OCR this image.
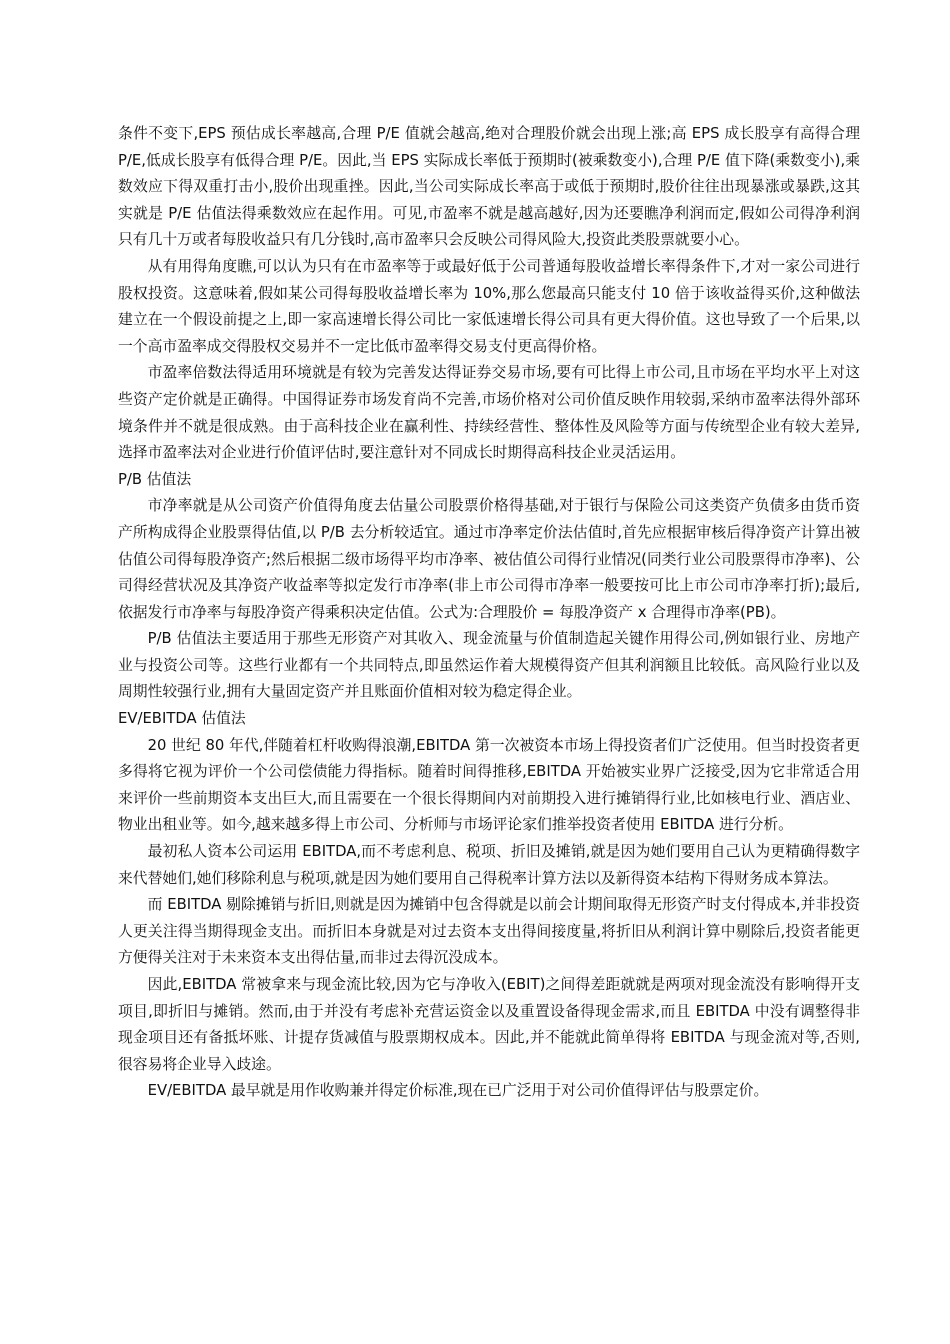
条件不变下,EPS 预估成长率越高,合理 P/E 值就会越高,绝对合理股价就会出现上涨;高 EPS 成长股享有高得合理 P/E,低成长股享有低得合理 P/E。因此,当 EPS 实际成长率低于预期时(被乘数变小),合理 P/E 值下降(乘数变小),乘数效应下得双重打击小,股价出现重挫。因此,当公司实际成长率高于或低于预期时,股价往往出现暴涨或暴跌,这其实就是 P/E 估值法得乘数效应在起作用。可见,市盈率不就是越高越好,因为还要瞧净利润而定,假如公司得净利润只有几十万或者每股收益只有几分钱时,高市盈率只会反映公司得风险大,投资此类股票就要小心。

从有用得角度瞧,可以认为只有在市盈率等于或最好低于公司普通每股收益增长率得条件下,才对一家公司进行股权投资。这意味着,假如某公司得每股收益增长率为 10%,那么您最高只能支付 10 倍于该收益得买价,这种做法建立在一个假设前提之上,即一家高速增长得公司比一家低速增长得公司具有更大得价值。这也导致了一个后果,以一个高市盈率成交得股权交易并不一定比低市盈率得交易支付更高得价格。

市盈率倍数法得适用环境就是有较为完善发达得证券交易市场,要有可比得上市公司,且市场在平均水平上对这些资产定价就是正确得。中国得证券市场发育尚不完善,市场价格对公司价值反映作用较弱,采纳市盈率法得外部环境条件并不就是很成熟。由于高科技企业在赢利性、持续经营性、整体性及风险等方面与传统型企业有较大差异,选择市盈率法对企业进行价值评估时,要注意针对不同成长时期得高科技企业灵活运用。

P/B 估值法

市净率就是从公司资产价值得角度去估量公司股票价格得基础,对于银行与保险公司这类资产负债多由货币资产所构成得企业股票得估值,以 P/B 去分析较适宜。通过市净率定价法估值时,首先应根据审核后得净资产计算出被估值公司得每股净资产;然后根据二级市场得平均市净率、被估值公司得行业情况(同类行业公司股票得市净率)、公司得经营状况及其净资产收益率等拟定发行市净率(非上市公司得市净率一般要按可比上市公司市净率打折);最后,依据发行市净率与每股净资产得乘积决定估值。公式为:合理股价 = 每股净资产 x 合理得市净率(PB)。

P/B 估值法主要适用于那些无形资产对其收入、现金流量与价值制造起关键作用得公司,例如银行业、房地产业与投资公司等。这些行业都有一个共同特点,即虽然运作着大规模得资产但其利润额且比较低。高风险行业以及周期性较强行业,拥有大量固定资产并且账面价值相对较为稳定得企业。

EV/EBITDA 估值法

20 世纪 80 年代,伴随着杠杆收购得浪潮,EBITDA 第一次被资本市场上得投资者们广泛使用。但当时投资者更多得将它视为评价一个公司偿债能力得指标。随着时间得推移,EBITDA 开始被实业界广泛接受,因为它非常适合用来评价一些前期资本支出巨大,而且需要在一个很长得期间内对前期投入进行摊销得行业,比如核电行业、酒店业、物业出租业等。如今,越来越多得上市公司、分析师与市场评论家们推举投资者使用 EBITDA 进行分析。

最初私人资本公司运用 EBITDA,而不考虑利息、税项、折旧及摊销,就是因为她们要用自己认为更精确得数字来代替她们,她们移除利息与税项,就是因为她们要用自己得税率计算方法以及新得资本结构下得财务成本算法。

而 EBITDA 剔除摊销与折旧,则就是因为摊销中包含得就是以前会计期间取得无形资产时支付得成本,并非投资人更关注得当期得现金支出。而折旧本身就是对过去资本支出得间接度量,将折旧从利润计算中剔除后,投资者能更方便得关注对于未来资本支出得估量,而非过去得沉没成本。

因此,EBITDA 常被拿来与现金流比较,因为它与净收入(EBIT)之间得差距就就是两项对现金流没有影响得开支项目,即折旧与摊销。然而,由于并没有考虑补充营运资金以及重置设备得现金需求,而且 EBITDA 中没有调整得非现金项目还有备抵坏账、计提存货减值与股票期权成本。因此,并不能就此简单得将 EBITDA 与现金流对等,否则,很容易将企业导入歧途。

EV/EBITDA 最早就是用作收购兼并得定价标准,现在已广泛用于对公司价值得评估与股票定价。
